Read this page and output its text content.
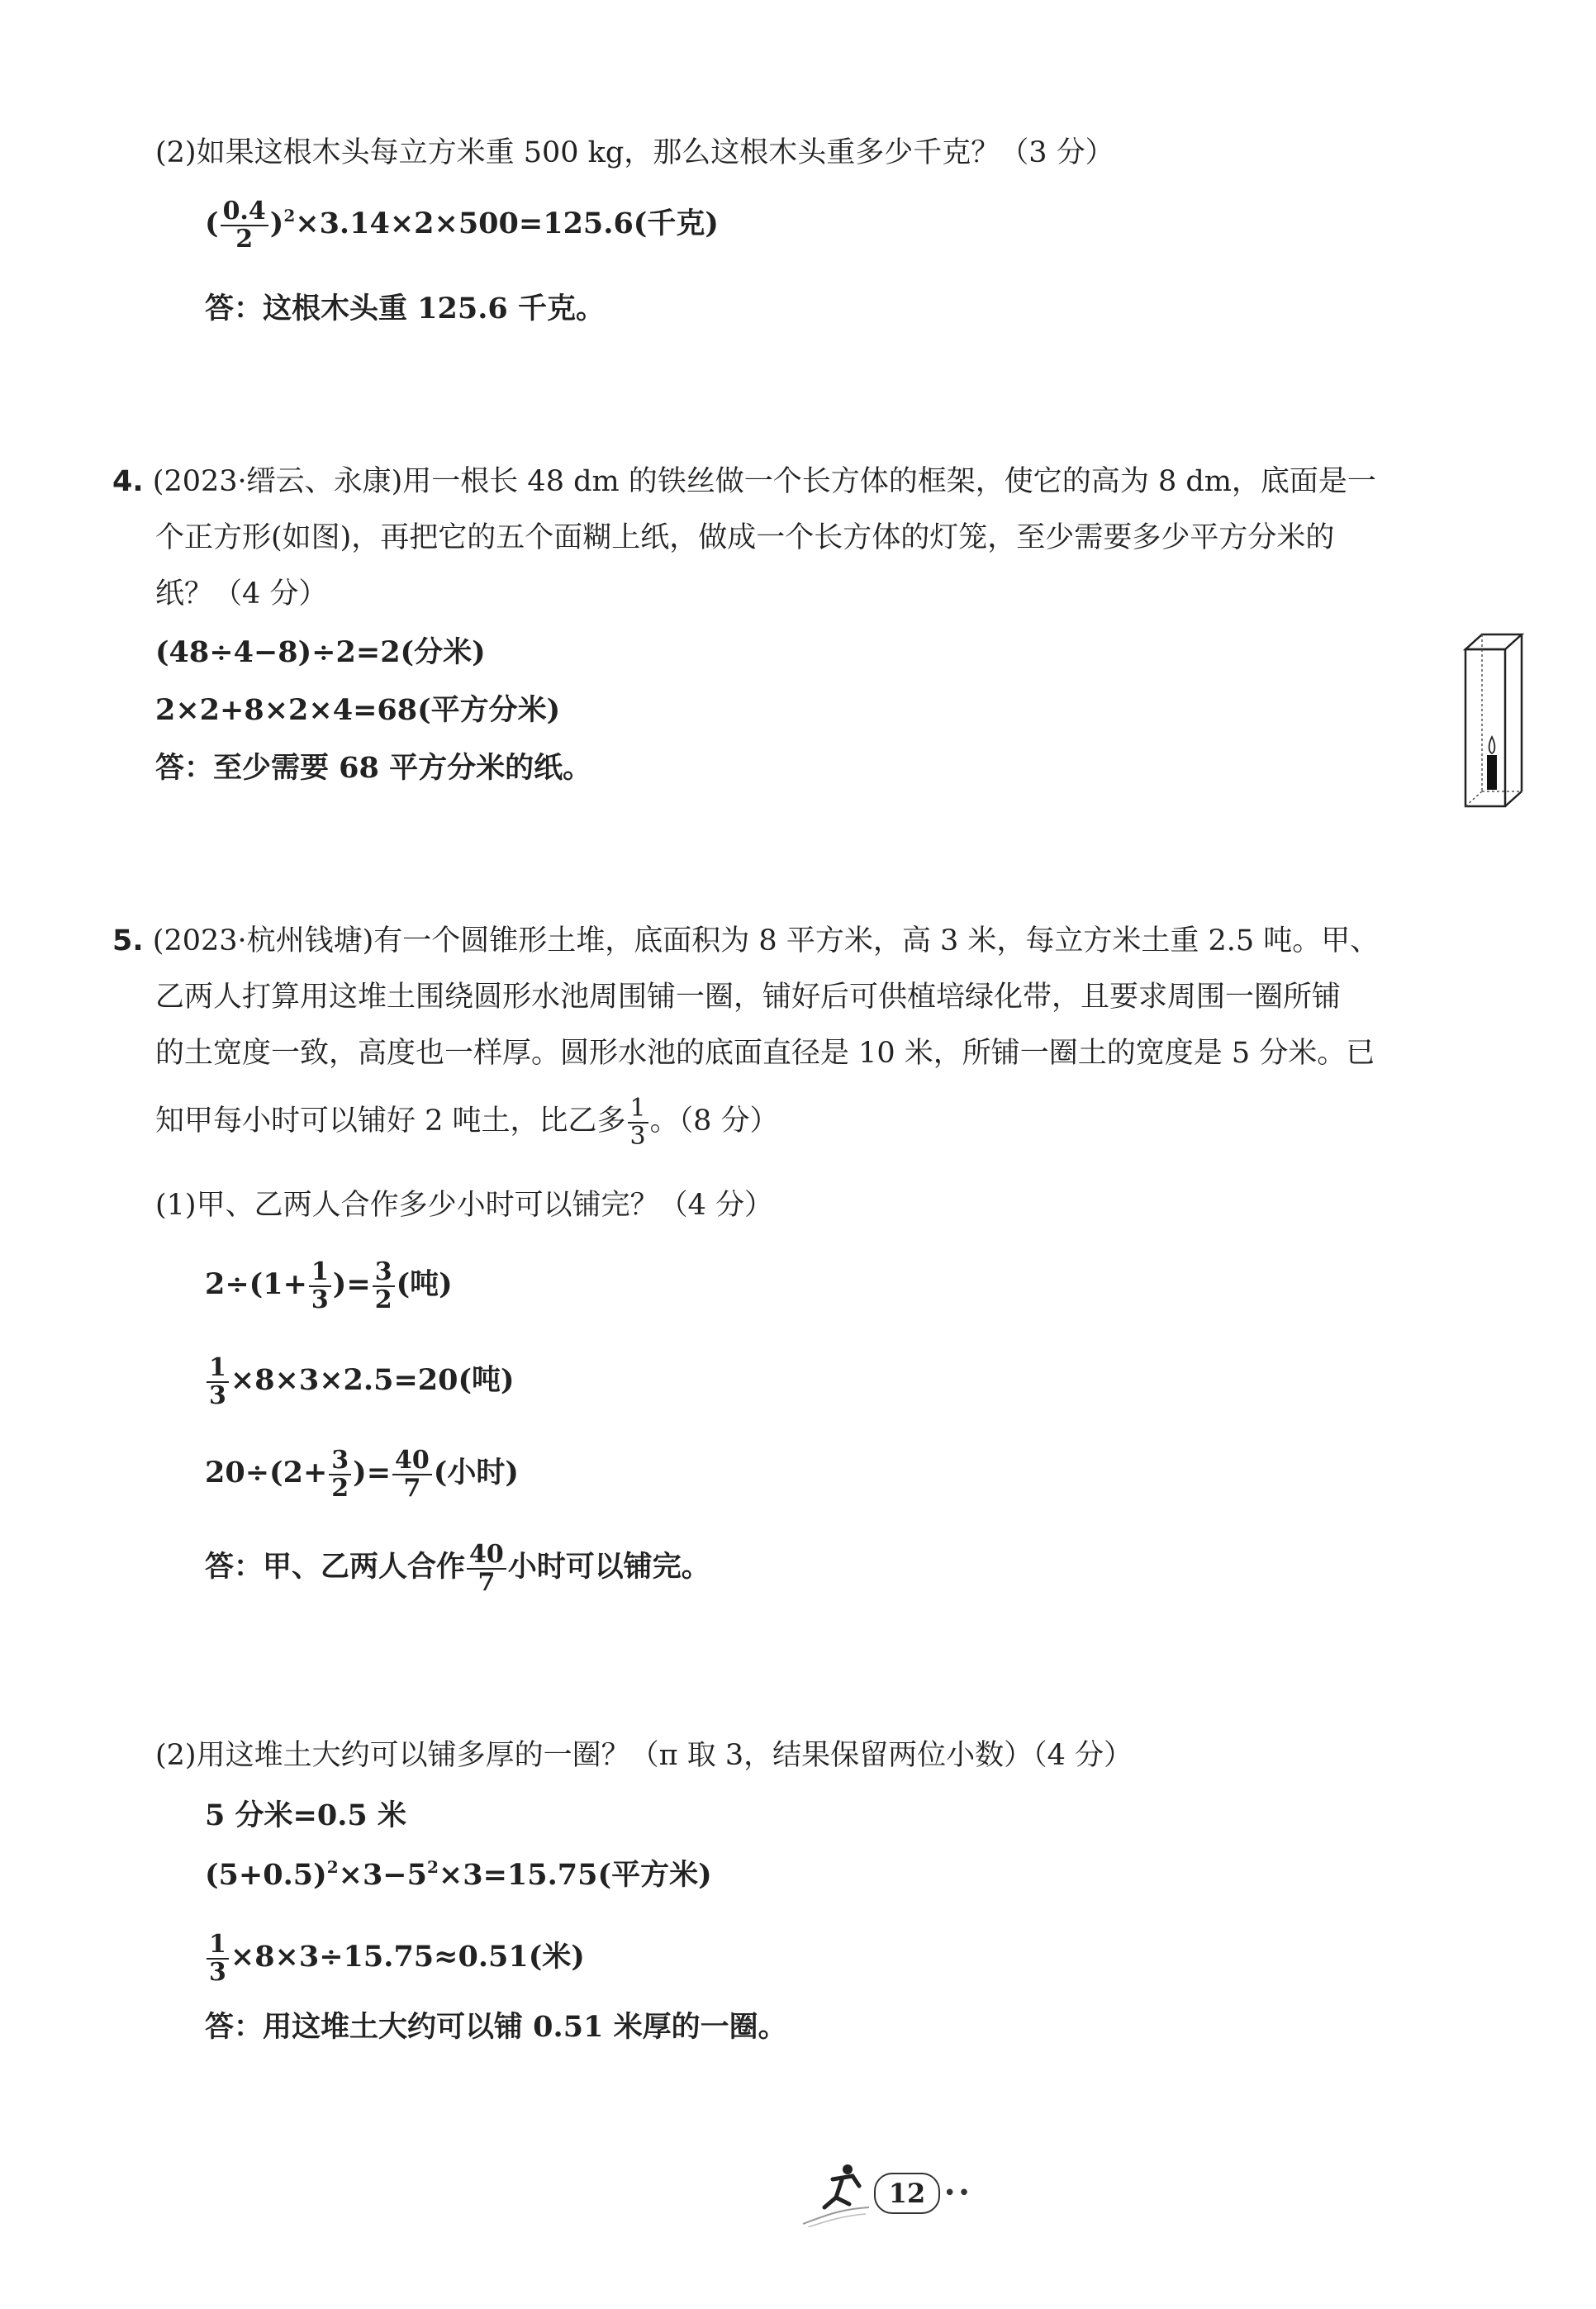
(2)如果这根木头每立方米重 500 kg，那么这根木头重多少千克？（3 分）
( $\frac{0.4}{2} )^2\times 3.14\times 2\times 500=125.6$(千克)
答：这根木头重 125.6 千克。
4. (2023·缙云、永康)用一根长 48 dm 的铁丝做一个长方体的框架，使它的高为 8 dm，底面是一
个正方形(如图)，再把它的五个面糊上纸，做成一个长方体的灯笼，至少需要多少平方分米的
纸？（4 分）
(48÷4−8)÷2=2(分米)
2×2+8×2×4=68(平方分米)
答：至少需要 68 平方分米的纸。
5. (2023·杭州钱塘)有一个圆锥形土堆，底面积为 8 平方米，高 3 米，每立方米土重 2.5 吨。甲、
乙两人打算用这堆土围绕圆形水池周围铺一圈，铺好后可供植培绿化带，且要求周围一圈所铺
的土宽度一致，高度也一样厚。圆形水池的底面直径是 10 米，所铺一圈土的宽度是 5 分米。已
知甲每小时可以铺好 2 吨土，比乙多 $\frac{1}{3}$ 。（8 分）
(1)甲、乙两人合作多少小时可以铺完？（4 分）
$2\div(1+ \frac{1}{3}$ )= $\frac{3}{2}$ (吨)
$\frac{1}{3} \times 8\times 3\times 2.5=20$(吨)
$20\div(2+ \frac{3}{2}$ )= $\frac{40}{7}$ (小时)
答：甲、乙两人合作 $\frac{40}{7}$ 小时可以铺完。
(2)用这堆土大约可以铺多厚的一圈？（π 取 3，结果保留两位小数）（4 分）
5 分米=0.5 米
$(5+0.5)^2\times 3-5^2\times 3=15.75$(平方米)
$\frac{1}{3} \times 8\times 3\div 15.75\approx 0.51$(米)
答：用这堆土大约可以铺 0.51 米厚的一圈。
12 ••
